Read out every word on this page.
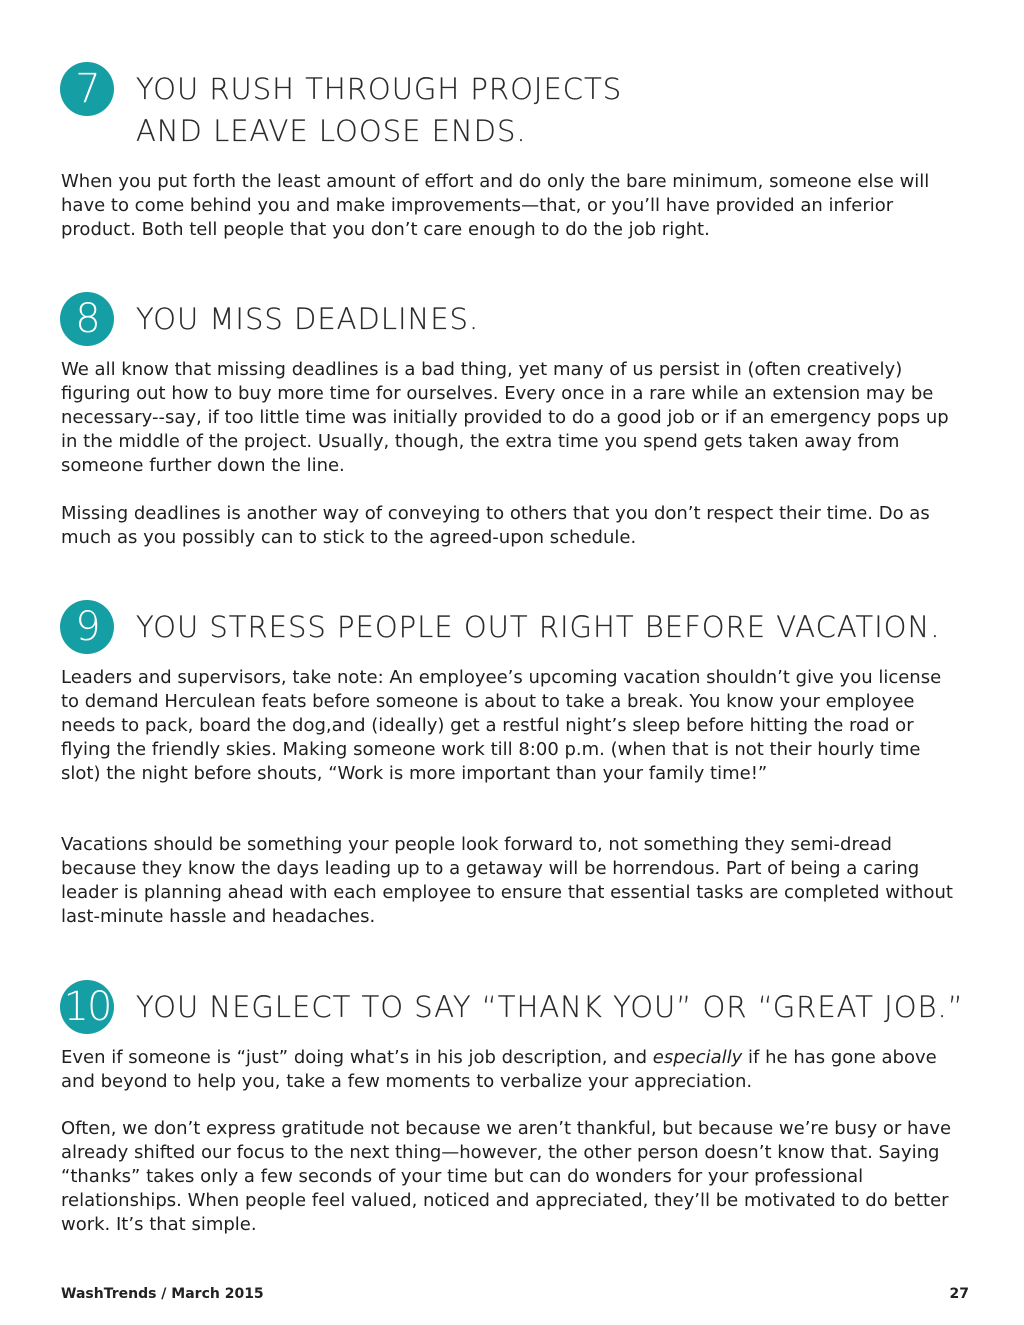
7	YOU RUSH THROUGH PROJECTS
AND LEAVE LOOSE ENDS.

When you put forth the least amount of effort and do only the bare minimum, someone else will have to come behind you and make improvements—that, or you’ll have provided an inferior product. Both tell people that you don’t care enough to do the job right.

8	YOU MISS DEADLINES.

We all know that missing deadlines is a bad thing, yet many of us persist in (often creatively) figuring out how to buy more time for ourselves. Every once in a rare while an extension may be necessary--say, if too little time was initially provided to do a good job or if an emergency pops up in the middle of the project. Usually, though, the extra time you spend gets taken away from someone further down the line.

Missing deadlines is another way of conveying to others that you don’t respect their time. Do as much as you possibly can to stick to the agreed-upon schedule.

9	YOU STRESS PEOPLE OUT RIGHT BEFORE VACATION.

Leaders and supervisors, take note: An employee’s upcoming vacation shouldn’t give you license to demand Herculean feats before someone is about to take a break. You know your employee needs to pack, board the dog,and (ideally) get a restful night’s sleep before hitting the road or flying the friendly skies. Making someone work till 8:00 p.m. (when that is not their hourly time slot) the night before shouts, “Work is more important than your family time!”

Vacations should be something your people look forward to, not something they semi-dread because they know the days leading up to a getaway will be horrendous. Part of being a caring leader is planning ahead with each employee to ensure that essential tasks are completed without last-minute hassle and headaches.

10 YOU NEGLECT TO SAY “THANK YOU” OR “GREAT JOB.”

Even if someone is “just” doing what’s in his job description, and especially if he has gone above and beyond to help you, take a few moments to verbalize your appreciation.

Often, we don’t express gratitude not because we aren’t thankful, but because we’re busy or have already shifted our focus to the next thing—however, the other person doesn’t know that. Saying “thanks” takes only a few seconds of your time but can do wonders for your professional relationships. When people feel valued, noticed and appreciated, they’ll be motivated to do better work. It’s that simple.

WashTrends / March 2015	27
